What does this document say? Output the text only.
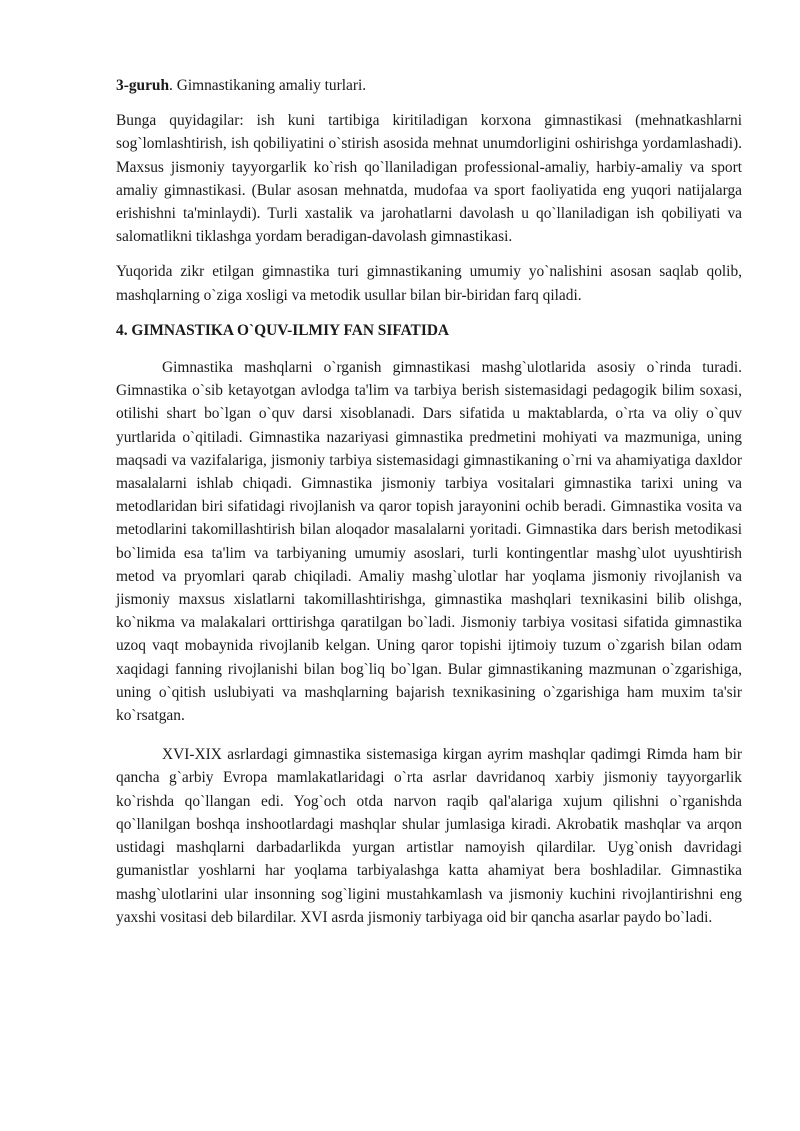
3-guruh. Gimnastikaning amaliy turlari.

Bunga quyidagilar: ish kuni tartibiga kiritiladigan korxona gimnastikasi (mehnatkashlarni sog`lomlashtirish, ish qobiliyatini o`stirish asosida mehnat unumdorligini oshirishga yordamlashadi). Maxsus jismoniy tayyorgarlik ko`rish qo`llaniladigan professional-amaliy, harbiy-amaliy va sport amaliy gimnastikasi. (Bular asosan mehnatda, mudofaa va sport faoliyatida eng yuqori natijalarga erishishni ta'minlaydi). Turli xastalik va jarohatlarni davolash u qo`llaniladigan ish qobiliyati va salomatlikni tiklashga yordam beradigan-davolash gimnastikasi.

Yuqorida zikr etilgan gimnastika turi gimnastikaning umumiy yo`nalishini asosan saqlab qolib, mashqlarning o`ziga xosligi va metodik usullar bilan bir-biridan farq qiladi.

4. GIMNASTIKA O`QUV-ILMIY FAN SIFATIDA

Gimnastika mashqlarni o`rganish gimnastikasi mashg`ulotlarida asosiy o`rinda turadi. Gimnastika o`sib ketayotgan avlodga ta'lim va tarbiya berish sistemasidagi pedagogik bilim soxasi, otilishi shart bo`lgan o`quv darsi xisoblanadi. Dars sifatida u maktablarda, o`rta va oliy o`quv yurtlarida o`qitiladi. Gimnastika nazariyasi gimnastika predmetini mohiyati va mazmuniga, uning maqsadi va vazifalariga, jismoniy tarbiya sistemasidagi gimnastikaning o`rni va ahamiyatiga daxldor masalalarni ishlab chiqadi. Gimnastika jismoniy tarbiya vositalari gimnastika tarixi uning va metodlaridan biri sifatidagi rivojlanish va qaror topish jarayonini ochib beradi. Gimnastika vosita va metodlarini takomillashtirish bilan aloqador masalalarni yoritadi. Gimnastika dars berish metodikasi bo`limida esa ta'lim va tarbiyaning umumiy asoslari, turli kontingentlar mashg`ulot uyushtirish metod va pryomlari qarab chiqiladi. Amaliy mashg`ulotlar har yoqlama jismoniy rivojlanish va jismoniy maxsus xislatlarni takomillashtirishga, gimnastika mashqlari texnikasini bilib olishga, ko`nikma va malakalari orttirishga qaratilgan bo`ladi. Jismoniy tarbiya vositasi sifatida gimnastika uzoq vaqt mobaynida rivojlanib kelgan. Uning qaror topishi ijtimoiy tuzum o`zgarish bilan odam xaqidagi fanning rivojlanishi bilan bog`liq bo`lgan. Bular gimnastikaning mazmunan o`zgarishiga, uning o`qitish uslubiyati va mashqlarning bajarish texnikasining o`zgarishiga ham muxim ta'sir ko`rsatgan.

XVI-XIX asrlardagi gimnastika sistemasiga kirgan ayrim mashqlar qadimgi Rimda ham bir qancha g`arbiy Evropa mamlakatlaridagi o`rta asrlar davridanoq xarbiy jismoniy tayyorgarlik ko`rishda qo`llangan edi. Yog`och otda narvon raqib qal'alariga xujum qilishni o`rganishda qo`llanilgan boshqa inshootlardagi mashqlar shular jumlasiga kiradi. Akrobatik mashqlar va arqon ustidagi mashqlarni darbadarlikda yurgan artistlar namoyish qilardilar. Uyg`onish davridagi gumanistlar yoshlarni har yoqlama tarbiyalashga katta ahamiyat bera boshladilar. Gimnastika mashg`ulotlarini ular insonning sog`ligini mustahkamlash va jismoniy kuchini rivojlantirishni eng yaxshi vositasi deb bilardilar. XVI asrda jismoniy tarbiyaga oid bir qancha asarlar paydo bo`ladi.
